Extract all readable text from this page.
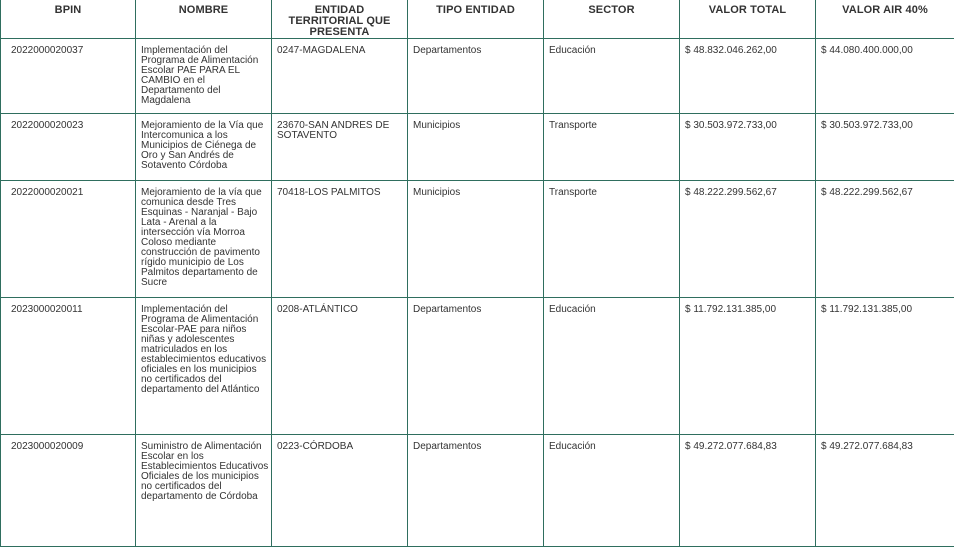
BPIN	NOMBRE	ENTIDAD TERRITORIAL QUE PRESENTA	TIPO ENTIDAD	SECTOR	VALOR TOTAL	VALOR AIR 40%
2022000020037	Implementación del Programa de Alimentación Escolar PAE PARA EL CAMBIO en el Departamento del Magdalena	0247-MAGDALENA	Departamentos	Educación	$ 48.832.046.262,00	$ 44.080.400.000,00
2022000020023	Mejoramiento de la Vía que Intercomunica a los Municipios de Ciénega de Oro y San Andrés de Sotavento Córdoba	23670-SAN ANDRES DE SOTAVENTO	Municipios	Transporte	$ 30.503.972.733,00	$ 30.503.972.733,00
2022000020021	Mejoramiento de la vía que comunica desde Tres Esquinas - Naranjal - Bajo Lata - Arenal a la intersección vía Morroa Coloso mediante construcción de pavimento rígido municipio de Los Palmitos departamento de Sucre	70418-LOS PALMITOS	Municipios	Transporte	$ 48.222.299.562,67	$ 48.222.299.562,67
2023000020011	Implementación del Programa de Alimentación Escolar-PAE para niños niñas y adolescentes matriculados en los establecimientos educativos oficiales en los municipios no certificados del departamento del Atlántico	0208-ATLÁNTICO	Departamentos	Educación	$ 11.792.131.385,00	$ 11.792.131.385,00
2023000020009	Suministro de Alimentación Escolar en los Establecimientos Educativos Oficiales de los municipios no certificados del departamento de Córdoba	0223-CÓRDOBA	Departamentos	Educación	$ 49.272.077.684,83	$ 49.272.077.684,83
